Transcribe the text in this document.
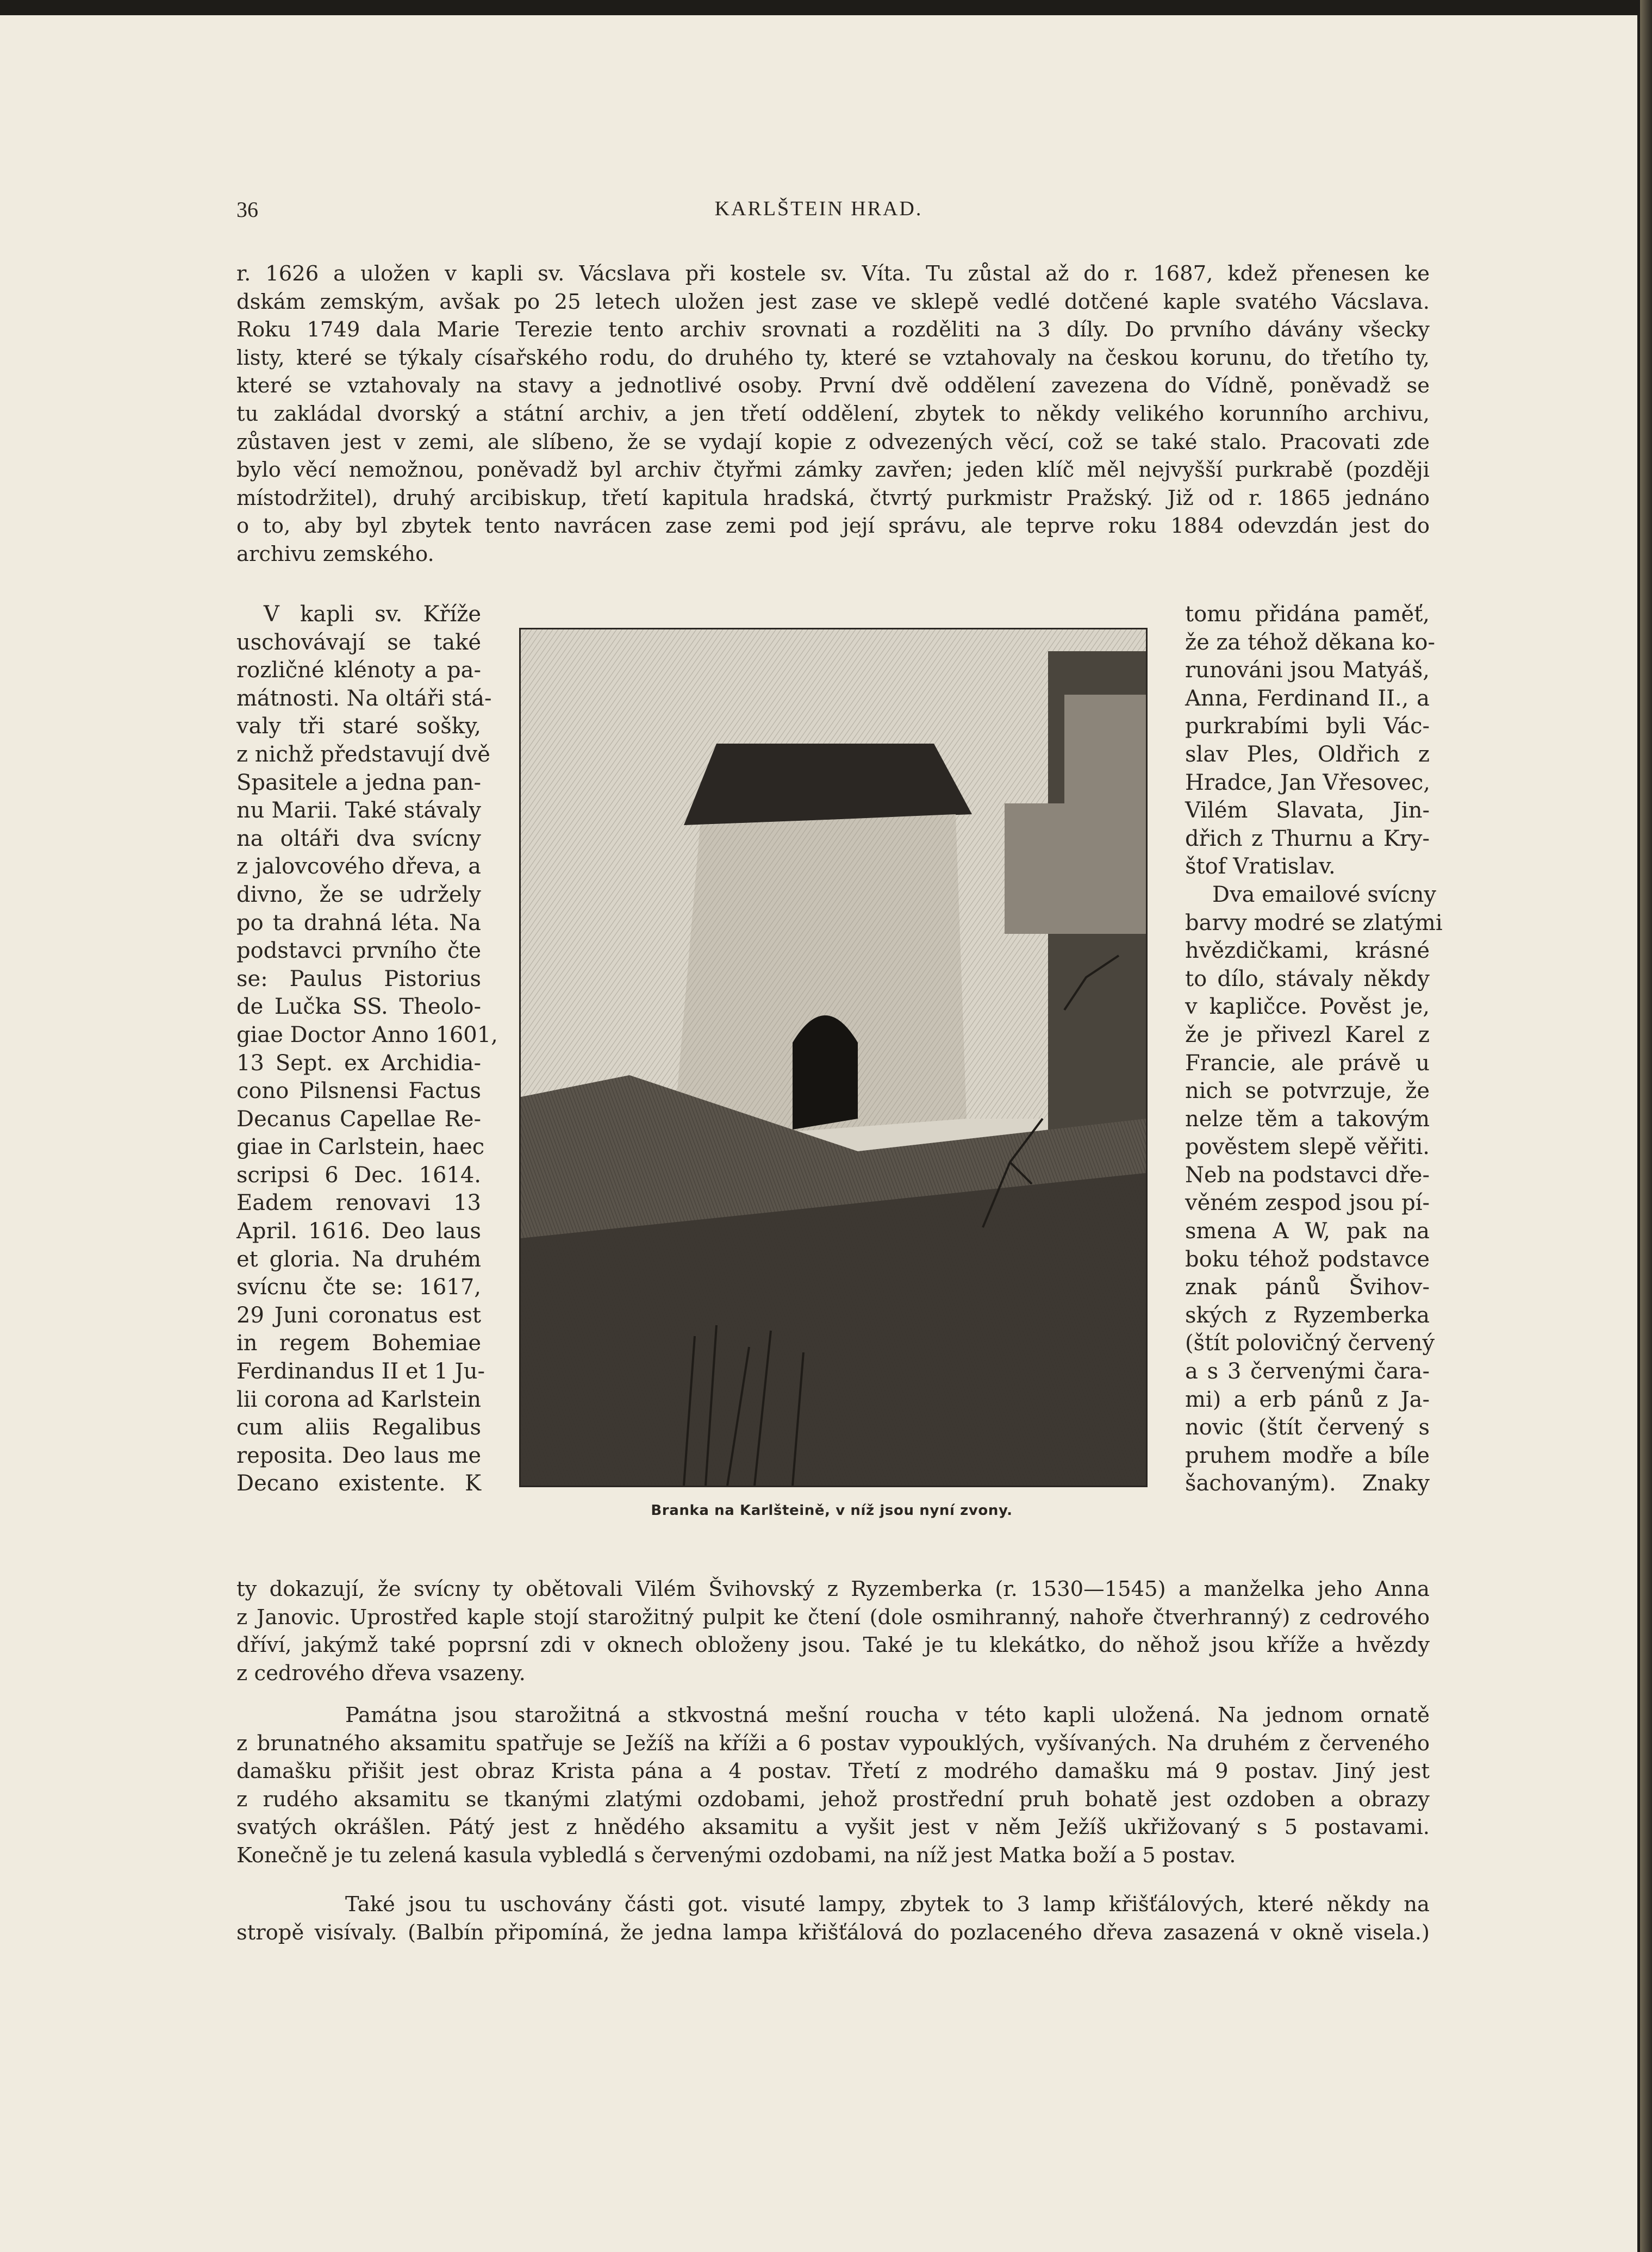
36	KARLŠTEIN HRAD.
r. 1626 a uložen v kapli sv. Vácslava při kostele sv. Víta. Tu zůstal až do r. 1687, kdež přenesen ke
dskám zemským, avšak po 25 letech uložen jest zase ve sklepě vedlé dotčené kaple svatého Vácslava.
Roku 1749 dala Marie Terezie tento archiv srovnati a rozděliti na 3 díly. Do prvního dávány všecky
listy, které se týkaly císařského rodu, do druhého ty, které se vztahovaly na českou korunu, do třetího ty,
které se vztahovaly na stavy a jednotlivé osoby. První dvě oddělení zavezena do Vídně, poněvadž se
tu zakládal dvorský a státní archiv, a jen třetí oddělení, zbytek to někdy velikého korunního archivu,
zůstaven jest v zemi, ale slíbeno, že se vydají kopie z odvezených věcí, což se také stalo. Pracovati zde
bylo věcí nemožnou, poněvadž byl archiv čtyřmi zámky zavřen; jeden klíč měl nejvyšší purkrabě (později
místodržitel), druhý arcibiskup, třetí kapitula hradská, čtvrtý purkmistr Pražský. Již od r. 1865 jednáno
o to, aby byl zbytek tento navrácen zase zemi pod její správu, ale teprve roku 1884 odevzdán jest do
archivu zemského.
V kapli sv. Kříže
uschovávají se také
rozličné klénoty a pa-
mátnosti. Na oltáři stá-
valy tři staré sošky,
z nichž představují dvě
Spasitele a jedna pan-
nu Marii. Také stávaly
na oltáři dva svícny
z jalovcového dřeva, a
divno, že se udržely
po ta drahná léta. Na
podstavci prvního čte
se: Paulus Pistorius
de Lučka SS. Theolo-
giae Doctor Anno 1601,
13 Sept. ex Archidia-
cono Pilsnensi Factus
Decanus Capellae Re-
giae in Carlstein, haec
scripsi 6 Dec. 1614.
Eadem renovavi 13
April. 1616. Deo laus
et gloria. Na druhém
svícnu čte se: 1617,
29 Juni coronatus est
in regem Bohemiae
Ferdinandus II et 1 Ju-
lii corona ad Karlstein
cum aliis Regalibus
reposita. Deo laus me
Decano existente. K
Branka na Karlšteině, v níž jsou nyní zvony.
tomu přidána paměť,
že za téhož děkana ko-
runováni jsou Matyáš,
Anna, Ferdinand II., a
purkrabími byli Vác-
slav Ples, Oldřich z
Hradce, Jan Vřesovec,
Vilém Slavata, Jin-
dřich z Thurnu a Kry-
štof Vratislav.
Dva emailové svícny
barvy modré se zlatými
hvězdičkami, krásné
to dílo, stávaly někdy
v kapličce. Pověst je,
že je přivezl Karel z
Francie, ale právě u
nich se potvrzuje, že
nelze těm a takovým
pověstem slepě věřiti.
Neb na podstavci dře-
věném zespod jsou pí-
smena A W, pak na
boku téhož podstavce
znak pánů Švihov-
ských z Ryzemberka
(štít polovičný červený
a s 3 červenými čara-
mi) a erb pánů z Ja-
novic (štít červený s
pruhem modře a bíle
šachovaným). Znaky
ty dokazují, že svícny ty obětovali Vilém Švihovský z Ryzemberka (r. 1530—1545) a manželka jeho Anna
z Janovic. Uprostřed kaple stojí starožitný pulpit ke čtení (dole osmihranný, nahoře čtverhranný) z cedrového
dříví, jakýmž také poprsní zdi v oknech obloženy jsou. Také je tu klekátko, do něhož jsou kříže a hvězdy
z cedrového dřeva vsazeny.
Památna jsou starožitná a stkvostná mešní roucha v této kapli uložená. Na jednom ornatě
z brunatného aksamitu spatřuje se Ježíš na kříži a 6 postav vypouklých, vyšívaných. Na druhém z červeného
damašku přišit jest obraz Krista pána a 4 postav. Třetí z modrého damašku má 9 postav. Jiný jest
z rudého aksamitu se tkanými zlatými ozdobami, jehož prostřední pruh bohatě jest ozdoben a obrazy
svatých okrášlen. Pátý jest z hnědého aksamitu a vyšit jest v něm Ježíš ukřižovaný s 5 postavami.
Konečně je tu zelená kasula vybledlá s červenými ozdobami, na níž jest Matka boží a 5 postav.
Také jsou tu uschovány části got. visuté lampy, zbytek to 3 lamp křišťálových, které někdy na
stropě visívaly. (Balbín připomíná, že jedna lampa křišťálová do pozlaceného dřeva zasazená v okně visela.)
